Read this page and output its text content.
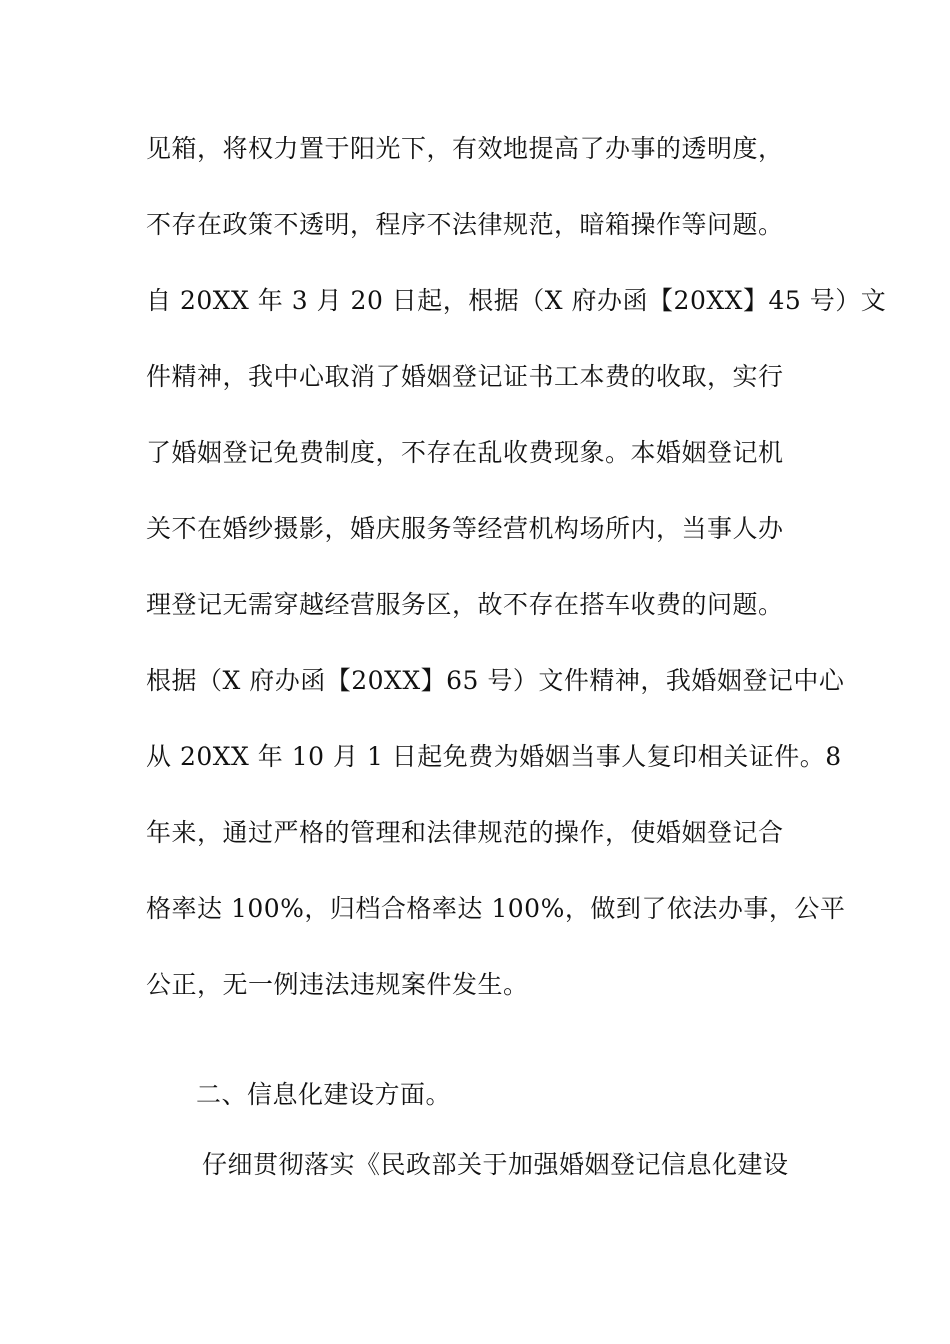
见箱，将权力置于阳光下，有效地提高了办事的透明度，
不存在政策不透明，程序不法律规范，暗箱操作等问题。
自 20XX 年 3 月 20 日起，根据（X 府办函【20XX】45 号）文
件精神，我中心取消了婚姻登记证书工本费的收取，实行
了婚姻登记免费制度，不存在乱收费现象。本婚姻登记机
关不在婚纱摄影，婚庆服务等经营机构场所内，当事人办
理登记无需穿越经营服务区，故不存在搭车收费的问题。
根据（X 府办函【20XX】65 号）文件精神，我婚姻登记中心
从 20XX 年 10 月 1 日起免费为婚姻当事人复印相关证件。8
年来，通过严格的管理和法律规范的操作，使婚姻登记合
格率达 100%，归档合格率达 100%，做到了依法办事，公平
公正，无一例违法违规案件发生。
二、信息化建设方面。
仔细贯彻落实《民政部关于加强婚姻登记信息化建设
